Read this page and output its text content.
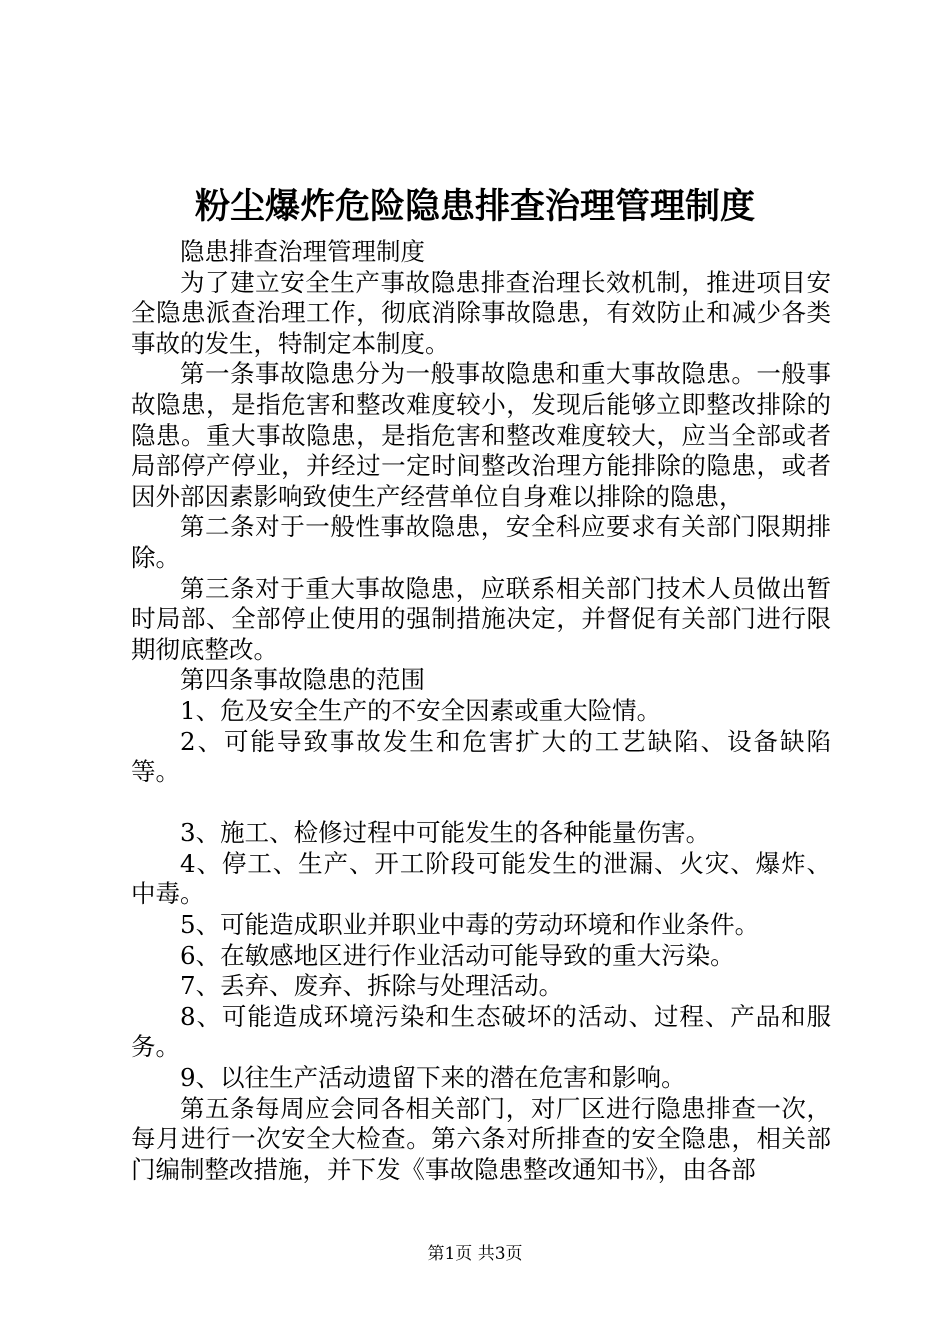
粉尘爆炸危险隐患排查治理管理制度

隐患排查治理管理制度

为了建立安全生产事故隐患排查治理长效机制，推进项目安全隐患派查治理工作，彻底消除事故隐患，有效防止和减少各类事故的发生，特制定本制度。

第一条事故隐患分为一般事故隐患和重大事故隐患。一般事故隐患，是指危害和整改难度较小，发现后能够立即整改排除的隐患。重大事故隐患，是指危害和整改难度较大，应当全部或者局部停产停业，并经过一定时间整改治理方能排除的隐患，或者因外部因素影响致使生产经营单位自身难以排除的隐患，

第二条对于一般性事故隐患，安全科应要求有关部门限期排除。

第三条对于重大事故隐患，应联系相关部门技术人员做出暂时局部、全部停止使用的强制措施决定，并督促有关部门进行限期彻底整改。

第四条事故隐患的范围

1、危及安全生产的不安全因素或重大险情。

2、可能导致事故发生和危害扩大的工艺缺陷、设备缺陷等。

3、施工、检修过程中可能发生的各种能量伤害。

4、停工、生产、开工阶段可能发生的泄漏、火灾、爆炸、中毒。

5、可能造成职业并职业中毒的劳动环境和作业条件。

6、在敏感地区进行作业活动可能导致的重大污染。

7、丢弃、废弃、拆除与处理活动。

8、可能造成环境污染和生态破坏的活动、过程、产品和服务。

9、以往生产活动遗留下来的潜在危害和影响。

第五条每周应会同各相关部门，对厂区进行隐患排查一次，每月进行一次安全大检查。第六条对所排查的安全隐患，相关部门编制整改措施，并下发《事故隐患整改通知书》，由各部

第1页 共3页
